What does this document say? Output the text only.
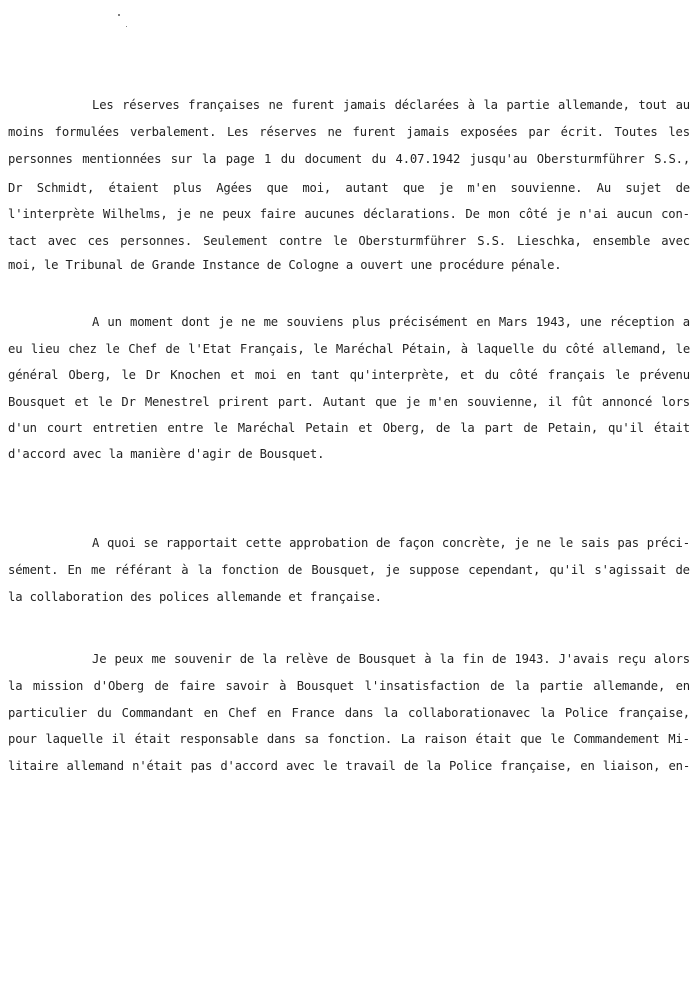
Les réserves françaises ne furent jamais déclarées à la partie allemande, tout au
moins formulées verbalement. Les réserves ne furent jamais exposées par écrit. Toutes les
personnes mentionnées sur la page 1 du document du 4.07.1942 jusqu'au Obersturmführer S.S.,
Dr Schmidt, étaient plus Agées que moi, autant que je m'en souvienne. Au sujet de
l'interprète Wilhelms, je ne peux faire aucunes déclarations. De mon côté je n'ai aucun con-
tact avec ces personnes. Seulement contre le Obersturmführer S.S. Lieschka, ensemble avec
moi, le Tribunal de Grande Instance de Cologne a ouvert une procédure pénale.
A un moment dont je ne me souviens plus précisément en Mars 1943, une réception a
eu lieu chez le Chef de l'Etat Français, le Maréchal Pétain, à laquelle du côté allemand, le
général Oberg, le Dr Knochen et moi en tant qu'interprète, et du côté français le prévenu
Bousquet et le Dr Menestrel prirent part. Autant que je m'en souvienne, il fût annoncé lors
d'un court entretien entre le Maréchal Petain et Oberg, de la part de Petain, qu'il était
d'accord avec la manière d'agir de Bousquet.
A quoi se rapportait cette approbation de façon concrète, je ne le sais pas préci-
sément. En me référant à la fonction de Bousquet, je suppose cependant, qu'il s'agissait de
la collaboration des polices allemande et française.
Je peux me souvenir de la relève de Bousquet à la fin de 1943. J'avais reçu alors
la mission d'Oberg de faire savoir à Bousquet l'insatisfaction de la partie allemande, en
particulier du Commandant en Chef en France dans la collaborationavec la Police française,
pour laquelle il était responsable dans sa fonction. La raison était que le Commandement Mi-
litaire allemand n'était pas d'accord avec le travail de la Police française, en liaison, en-
